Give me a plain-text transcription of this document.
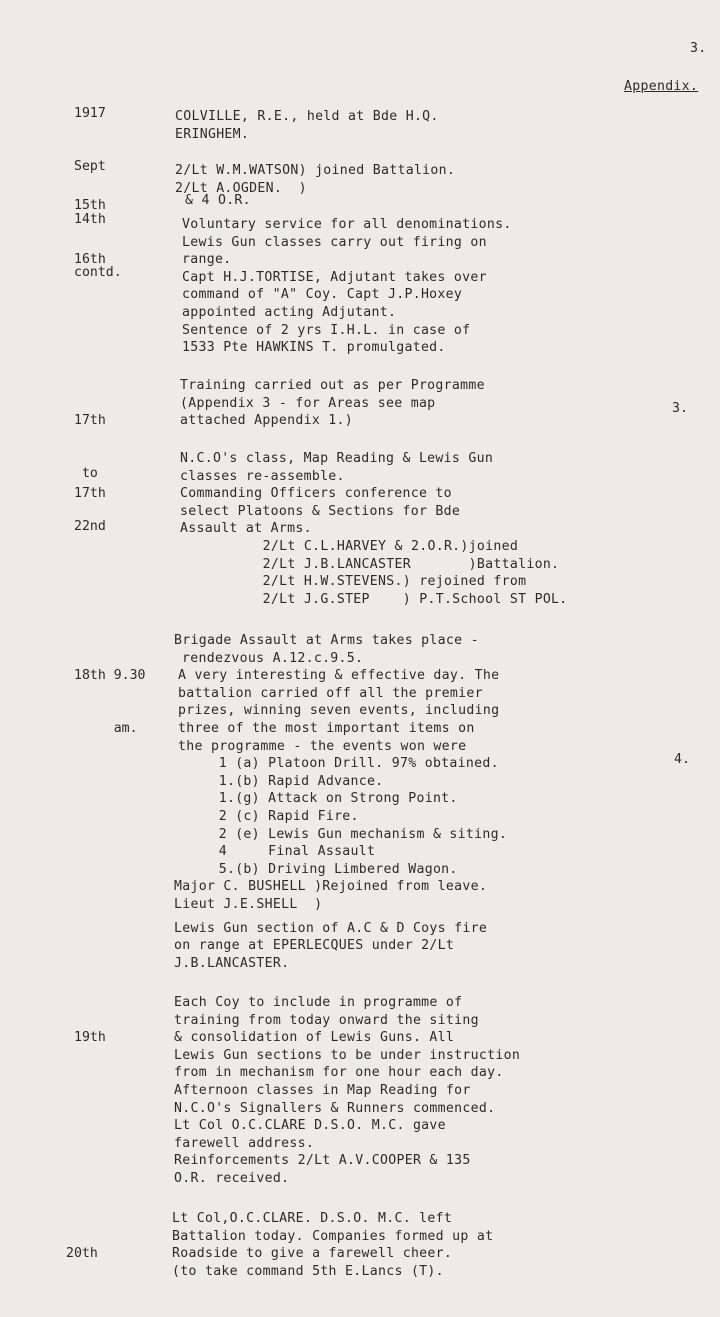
3.
Appendix.

1917

Sept

14th

contd.

COLVILLE, R.E., held at Bde H.Q.
ERINGHEM.

15th

2/Lt W.M.WATSON) joined Battalion.
2/Lt A.OGDEN.  )
& 4 O.R.

16th

Voluntary service for all denominations.
Lewis Gun classes carry out firing on
range.
Capt H.J.TORTISE, Adjutant takes over
command of "A" Coy. Capt J.P.Hoxey
appointed acting Adjutant.
Sentence of 2 yrs I.H.L. in case of
1533 Pte HAWKINS T. promulgated.

17th

to

22nd

Training carried out as per Programme
(Appendix 3 - for Areas see map
attached Appendix 1.)
3.

17th

N.C.O's class, Map Reading & Lewis Gun
classes re-assemble.
Commanding Officers conference to
select Platoons & Sections for Bde
Assault at Arms.
2/Lt C.L.HARVEY & 2.O.R.)joined
2/Lt J.B.LANCASTER       )Battalion.
2/Lt H.W.STEVENS.) rejoined from
2/Lt J.G.STEP    ) P.T.School ST POL.

18th 9.30

am.

Brigade Assault at Arms takes place -
rendezvous A.12.c.9.5.
A very interesting & effective day. The
battalion carried off all the premier
prizes, winning seven events, including
three of the most important items on
the programme - the events won were
1 (a) Platoon Drill. 97% obtained.
1.(b) Rapid Advance.
1.(g) Attack on Strong Point.
2 (c) Rapid Fire.
2 (e) Lewis Gun mechanism & siting.
4     Final Assault
5.(b) Driving Limbered Wagon.
Major C. BUSHELL )Rejoined from leave.
Lieut J.E.SHELL  )
Lewis Gun section of A.C & D Coys fire
on range at EPERLECQUES under 2/Lt
J.B.LANCASTER.
4.

19th

Each Coy to include in programme of
training from today onward the siting
& consolidation of Lewis Guns. All
Lewis Gun sections to be under instruction
from in mechanism for one hour each day.
Afternoon classes in Map Reading for
N.C.O's Signallers & Runners commenced.
Lt Col O.C.CLARE D.S.O. M.C. gave
farewell address.
Reinforcements 2/Lt A.V.COOPER & 135
O.R. received.

20th

Lt Col,O.C.CLARE. D.S.O. M.C. left
Battalion today. Companies formed up at
Roadside to give a farewell cheer.
(to take command 5th E.Lancs (T).
